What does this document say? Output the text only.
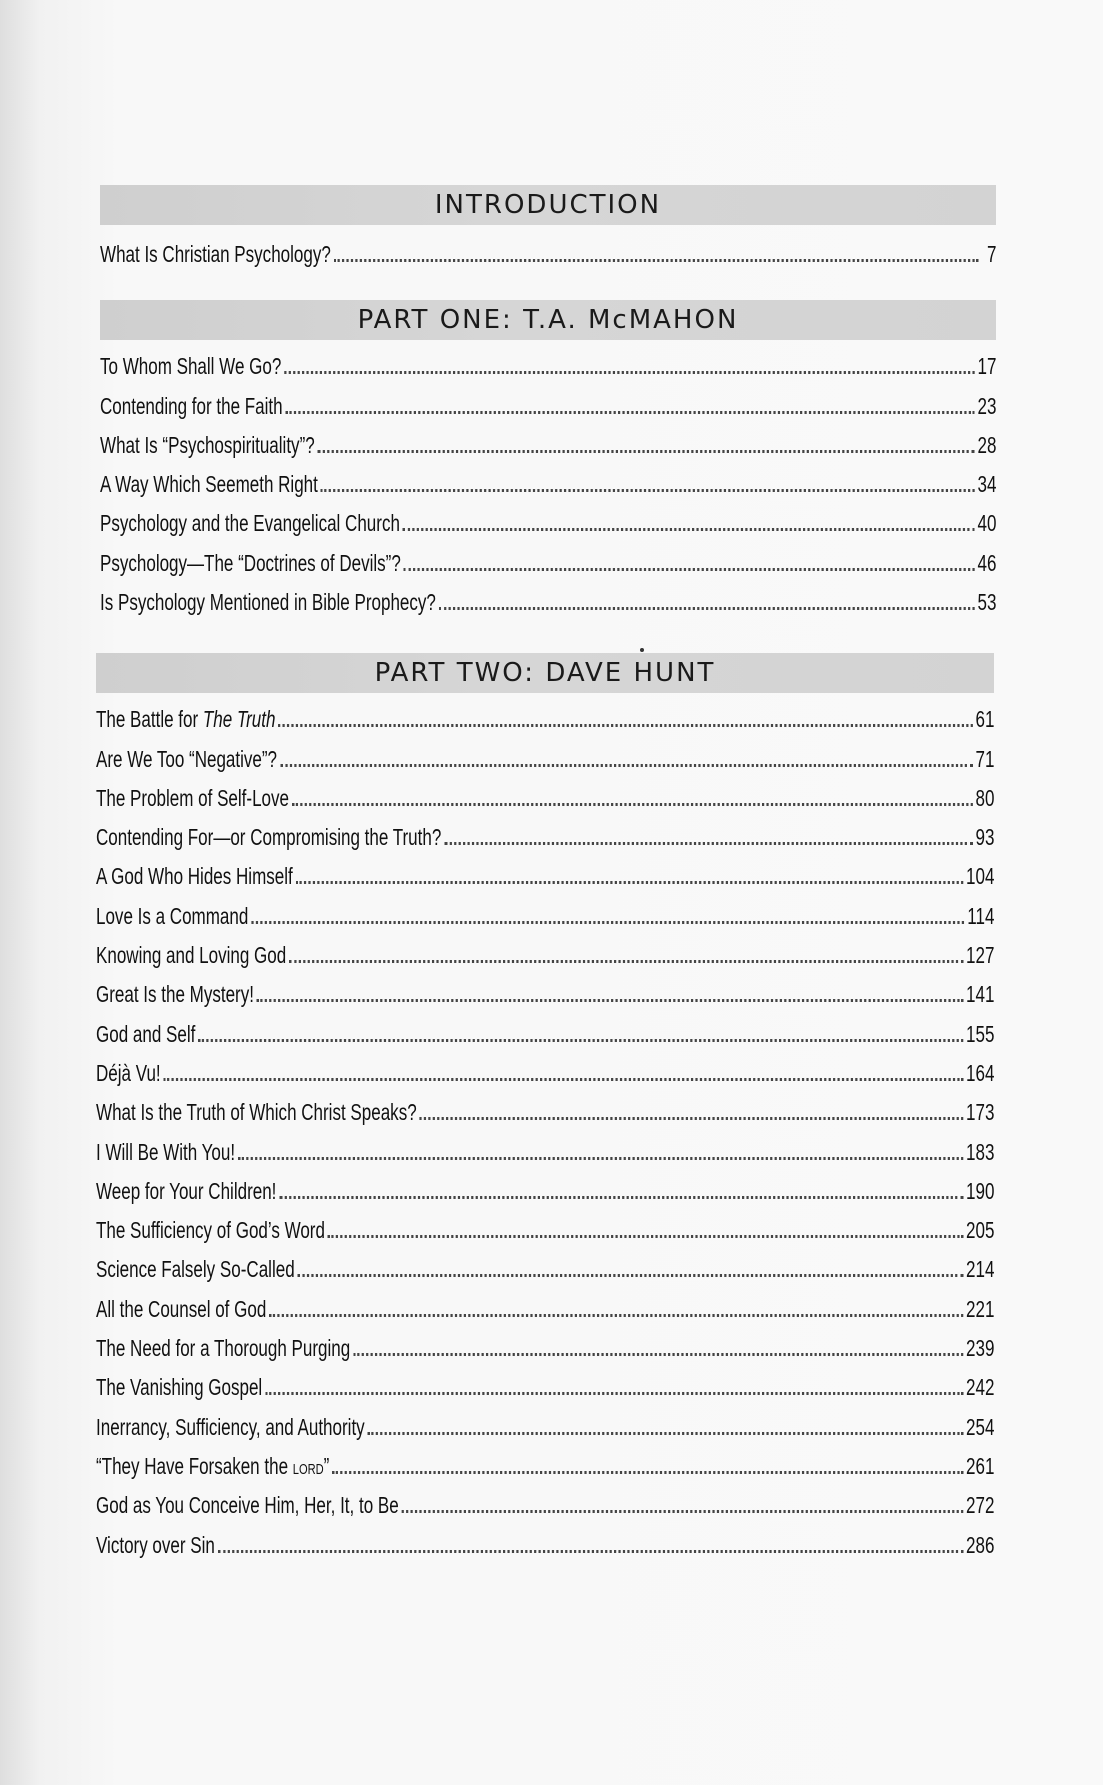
INTRODUCTION
What Is Christian Psychology?	7
PART ONE: T.A. McMAHON
To Whom Shall We Go?	17
Contending for the Faith	23
What Is “Psychospirituality”?	28
A Way Which Seemeth Right	34
Psychology and the Evangelical Church	40
Psychology—The “Doctrines of Devils”?	46
Is Psychology Mentioned in Bible Prophecy?	53
PART TWO: DAVE HUNT
The Battle for The Truth	61
Are We Too “Negative”?	71
The Problem of Self-Love	80
Contending For—or Compromising the Truth?	93
A God Who Hides Himself	104
Love Is a Command	114
Knowing and Loving God	127
Great Is the Mystery!	141
God and Self	155
Déjà Vu!	164
What Is the Truth of Which Christ Speaks?	173
I Will Be With You!	183
Weep for Your Children!	190
The Sufficiency of God’s Word	205
Science Falsely So-Called	214
All the Counsel of God	221
The Need for a Thorough Purging	239
The Vanishing Gospel	242
Inerrancy, Sufficiency, and Authority	254
“They Have Forsaken the LORD”	261
God as You Conceive Him, Her, It, to Be	272
Victory over Sin	286
